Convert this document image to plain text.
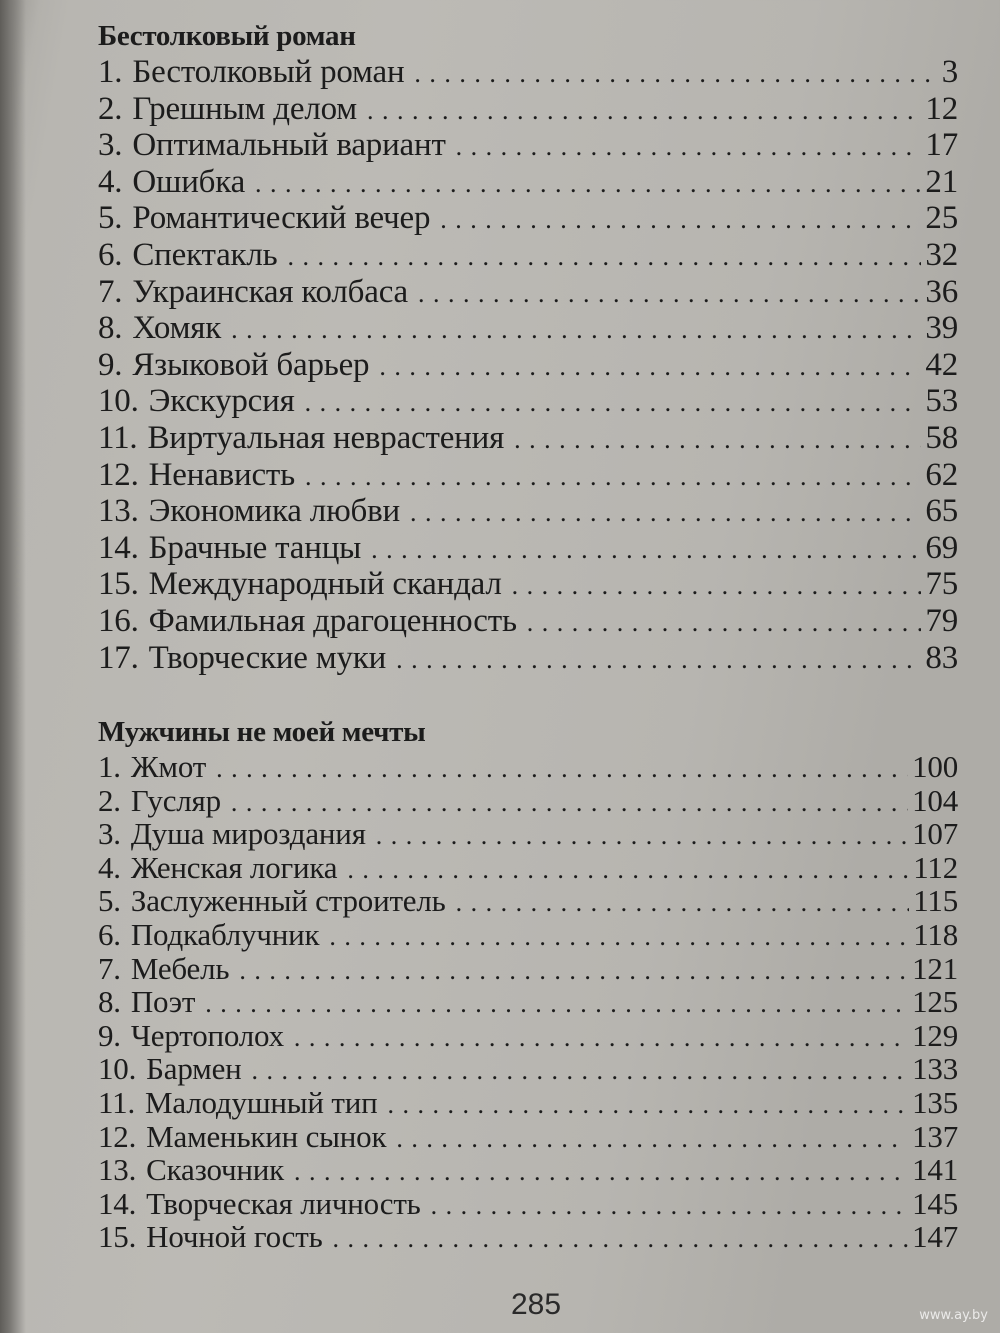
Бестолковый роман
1. Бестолковый роман . . .	3
2. Грешным делом . . .	12
3. Оптимальный вариант . . .	17
4. Ошибка . . .	21
5. Романтический вечер . . .	25
6. Спектакль . . .	32
7. Украинская колбаса . . .	36
8. Хомяк . . .	39
9. Языковой барьер . . .	42
10. Экскурсия . . .	53
11. Виртуальная неврастения . . .	58
12. Ненависть . . .	62
13. Экономика любви . . .	65
14. Брачные танцы . . .	69
15. Международный скандал . . .	75
16. Фамильная драгоценность . . .	79
17. Творческие муки . . .	83
Мужчины не моей мечты
1. Жмот . . .	100
2. Гусляр . . .	104
3. Душа мироздания . . .	107
4. Женская логика . . .	112
5. Заслуженный строитель . . .	115
6. Подкаблучник . . .	118
7. Мебель . . .	121
8. Поэт . . .	125
9. Чертополох . . .	129
10. Бармен . . .	133
11. Малодушный тип . . .	135
12. Маменькин сынок . . .	137
13. Сказочник . . .	141
14. Творческая личность . . .	145
15. Ночной гость . . .	147
285	www.ay.by
